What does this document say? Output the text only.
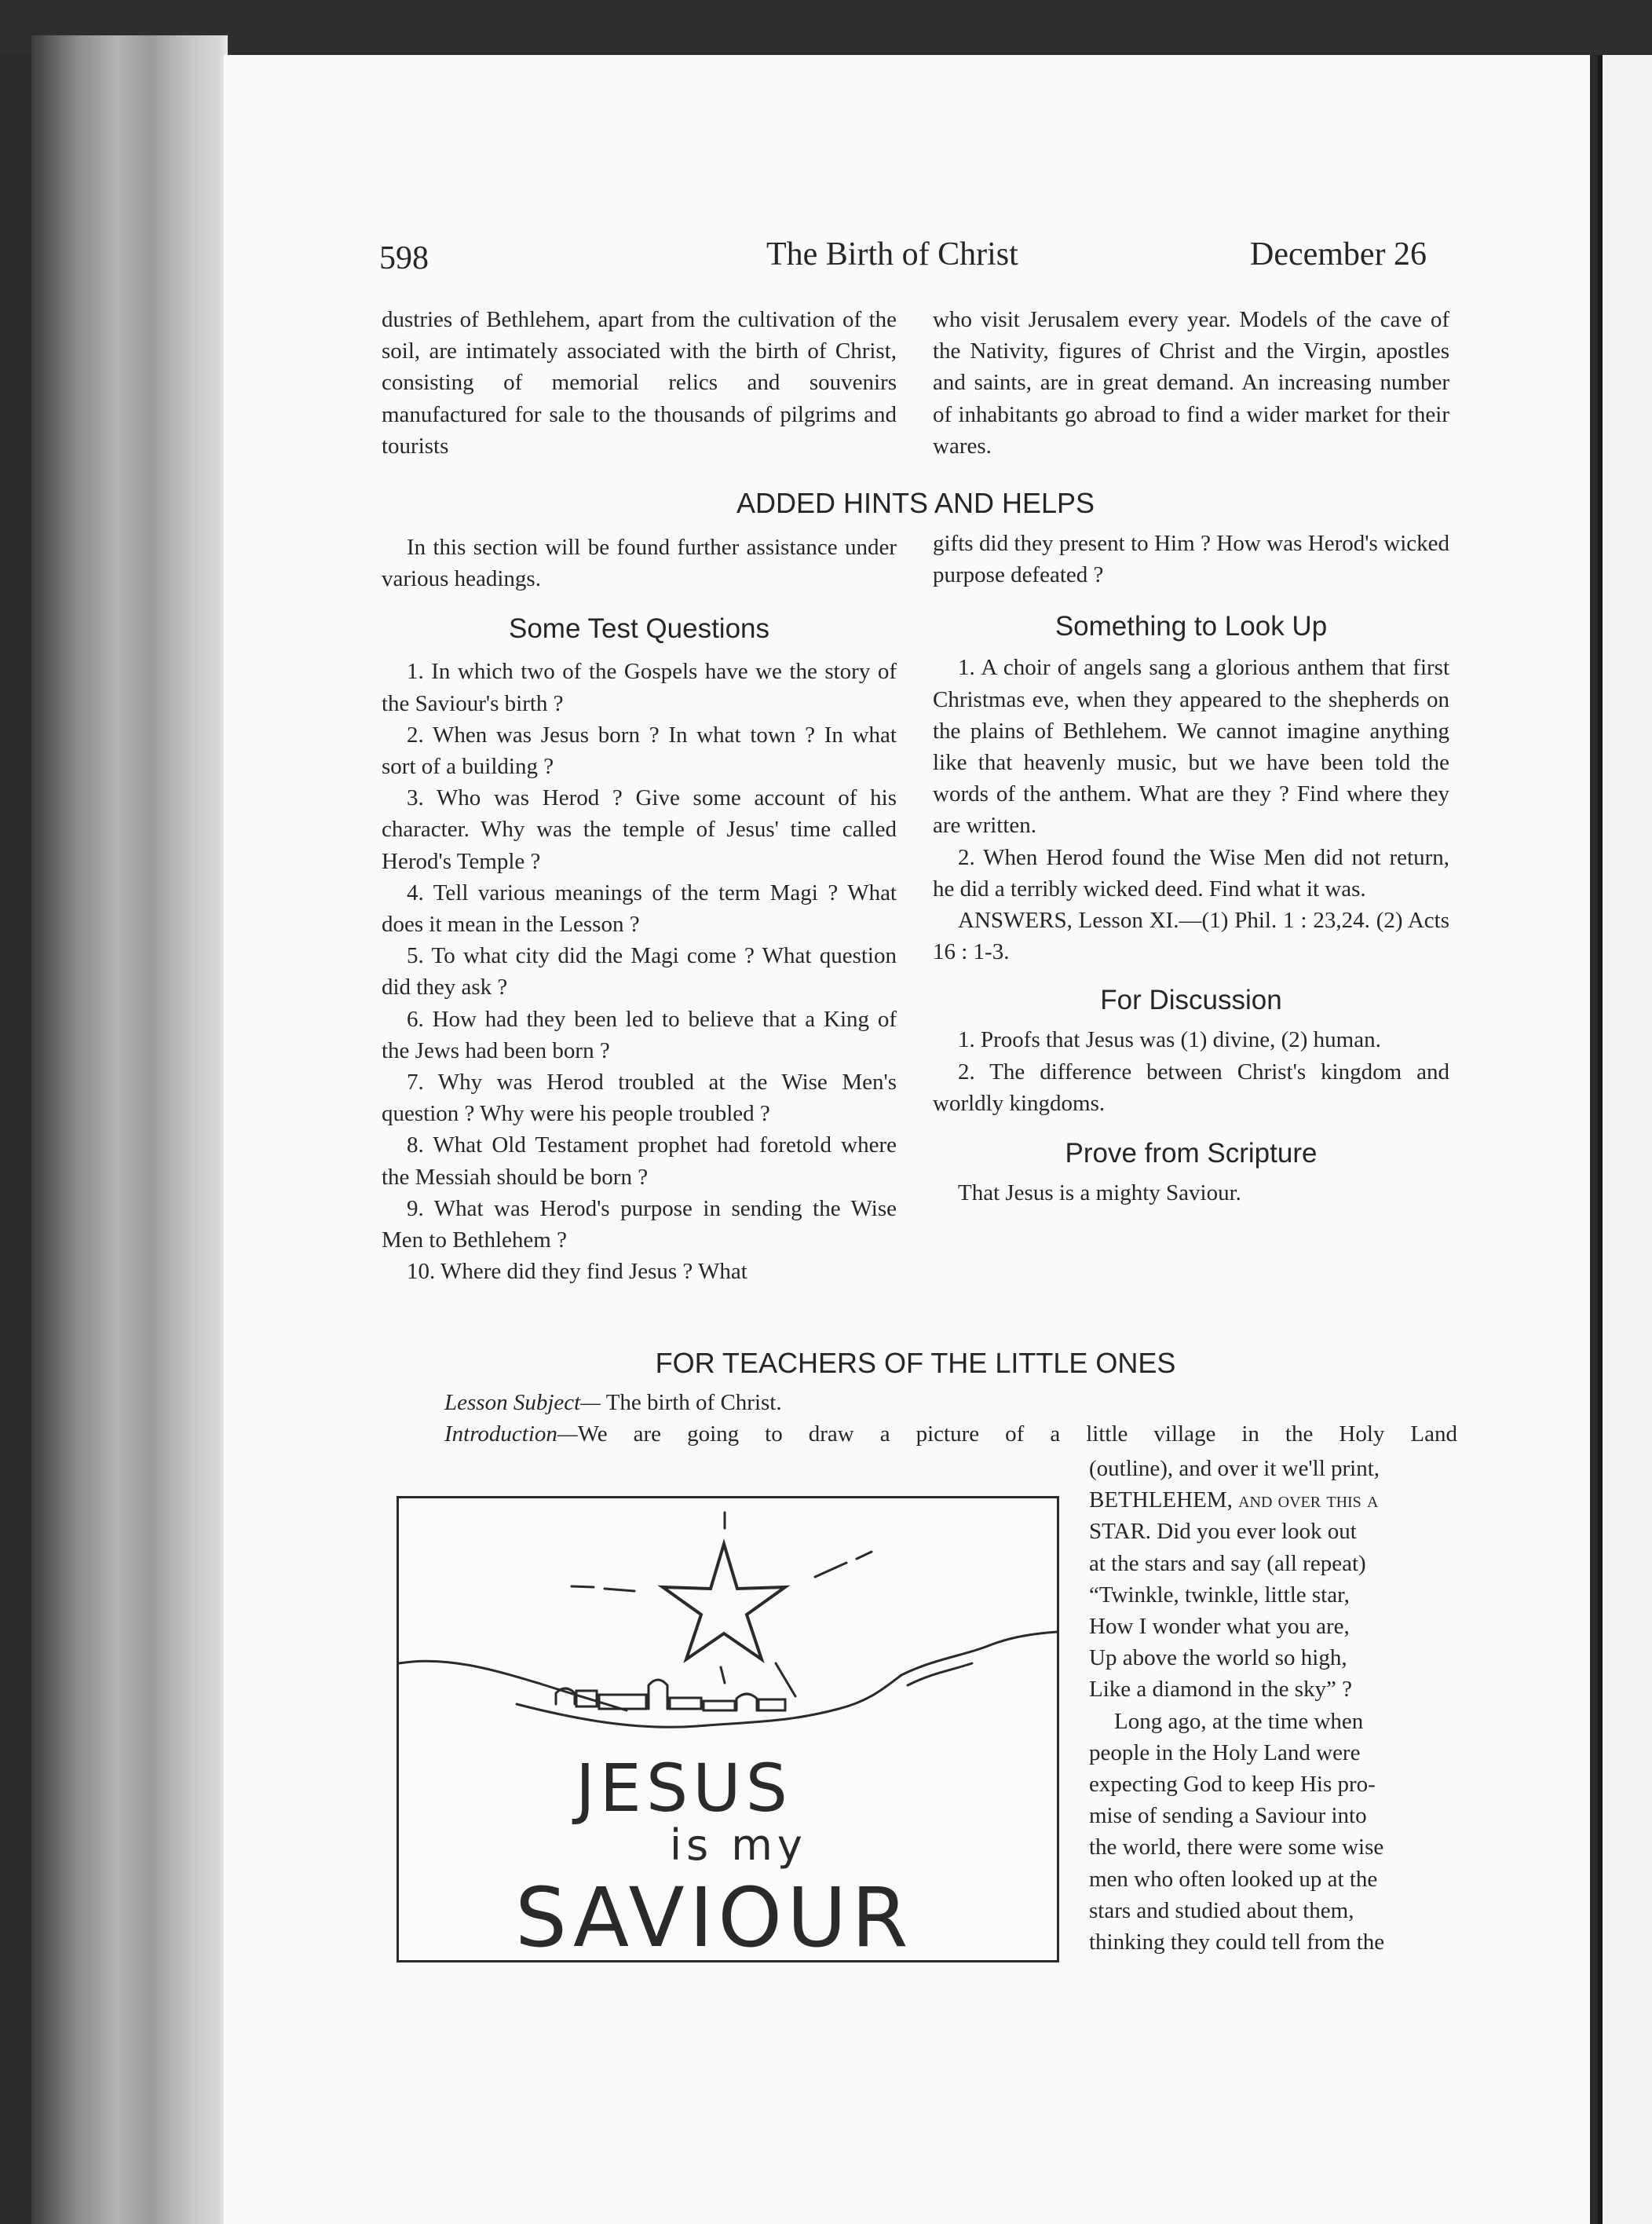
598	The Birth of Christ	December 26

dustries of Bethlehem, apart from the cultivation of the soil, are intimately associated with the birth of Christ, consisting of memorial relics and souvenirs manufactured for sale to the thousands of pilgrims and tourists

who visit Jerusalem every year. Models of the cave of the Nativity, figures of Christ and the Virgin, apostles and saints, are in great demand. An increasing number of inhabitants go abroad to find a wider market for their wares.

ADDED HINTS AND HELPS

In this section will be found further assistance under various headings.

Some Test Questions

1. In which two of the Gospels have we the story of the Saviour's birth ?

2. When was Jesus born ? In what town ? In what sort of a building ?

3. Who was Herod ? Give some account of his character. Why was the temple of Jesus' time called Herod's Temple ?

4. Tell various meanings of the term Magi ? What does it mean in the Lesson ?

5. To what city did the Magi come ? What question did they ask ?

6. How had they been led to believe that a King of the Jews had been born ?

7. Why was Herod troubled at the Wise Men's question ? Why were his people troubled ?

8. What Old Testament prophet had foretold where the Messiah should be born ?

9. What was Herod's purpose in sending the Wise Men to Bethlehem ?

10. Where did they find Jesus ? What

gifts did they present to Him ? How was Herod's wicked purpose defeated ?

Something to Look Up

1. A choir of angels sang a glorious anthem that first Christmas eve, when they appeared to the shepherds on the plains of Bethlehem. We cannot imagine anything like that heavenly music, but we have been told the words of the anthem. What are they ? Find where they are written.

2. When Herod found the Wise Men did not return, he did a terribly wicked deed. Find what it was.

ANSWERS, Lesson XI.—(1) Phil. 1 : 23,24. (2) Acts 16 : 1-3.

For Discussion

1. Proofs that Jesus was (1) divine, (2) human.

2. The difference between Christ's kingdom and worldly kingdoms.

Prove from Scripture

That Jesus is a mighty Saviour.

FOR TEACHERS OF THE LITTLE ONES
Lesson Subject— The birth of Christ.
Introduction—We are going to draw a picture of a little village in the Holy Land

(outline), and over it we'll print,

BETHLEHEM, and over this a

STAR. Did you ever look out

at the stars and say (all repeat)

“Twinkle, twinkle, little star,

How I wonder what you are,

Up above the world so high,

Like a diamond in the sky” ?

Long ago, at the time when

people in the Holy Land were

expecting God to keep His pro-

mise of sending a Saviour into

the world, there were some wise

men who often looked up at the

stars and studied about them,

thinking they could tell from the

JESUS
is my
SAVIOUR
